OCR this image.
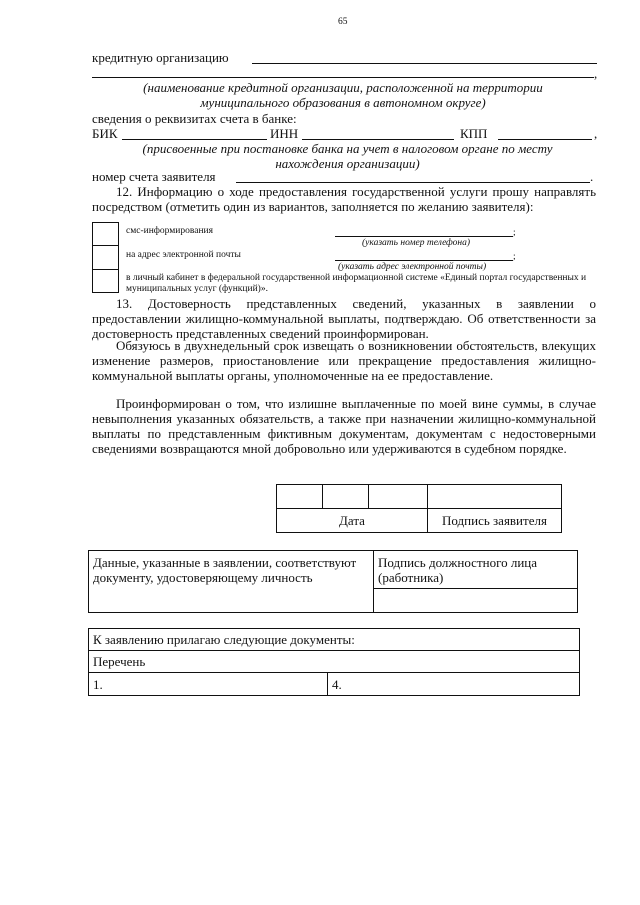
65
кредитную организацию
,
(наименование кредитной организации, расположенной на территории муниципального образования в автономном округе)
сведения о реквизитах счета в банке:
БИК	ИНН	КПП	,
(присвоенные при постановке банка на учет в налоговом органе по месту нахождения организации)
номер счета заявителя	.
12. Информацию о ходе предоставления государственной услуги прошу направлять посредством (отметить один из вариантов, заполняется по желанию заявителя):
смс-информирования	;
(указать номер телефона)
на адрес электронной почты	;
(указать адрес электронной почты)
в личный кабинет в федеральной государственной информационной системе «Единый портал государственных и муниципальных услуг (функций)».
13. Достоверность представленных сведений, указанных в заявлении о предоставлении жилищно-коммунальной выплаты, подтверждаю. Об ответственности за достоверность представленных сведений проинформирован.
Обязуюсь в двухнедельный срок извещать о возникновении обстоятельств, влекущих изменение размеров, приостановление или прекращение предоставления жилищно-коммунальной выплаты органы, уполномоченные на ее предоставление.
Проинформирован о том, что излишне выплаченные по моей вине суммы, в случае невыполнения указанных обязательств, а также при назначении жилищно-коммунальной выплаты по представленным фиктивным документам, документам с недостоверными сведениями возвращаются мной добровольно или удерживаются в судебном порядке.

Дата			Подпись заявителя
Данные, указанные в заявлении, соответствуют документу, удостоверяющему личность	Подпись должностного лица (работника)

К заявлению прилагаю следующие документы:
Перечень
1.	4.
